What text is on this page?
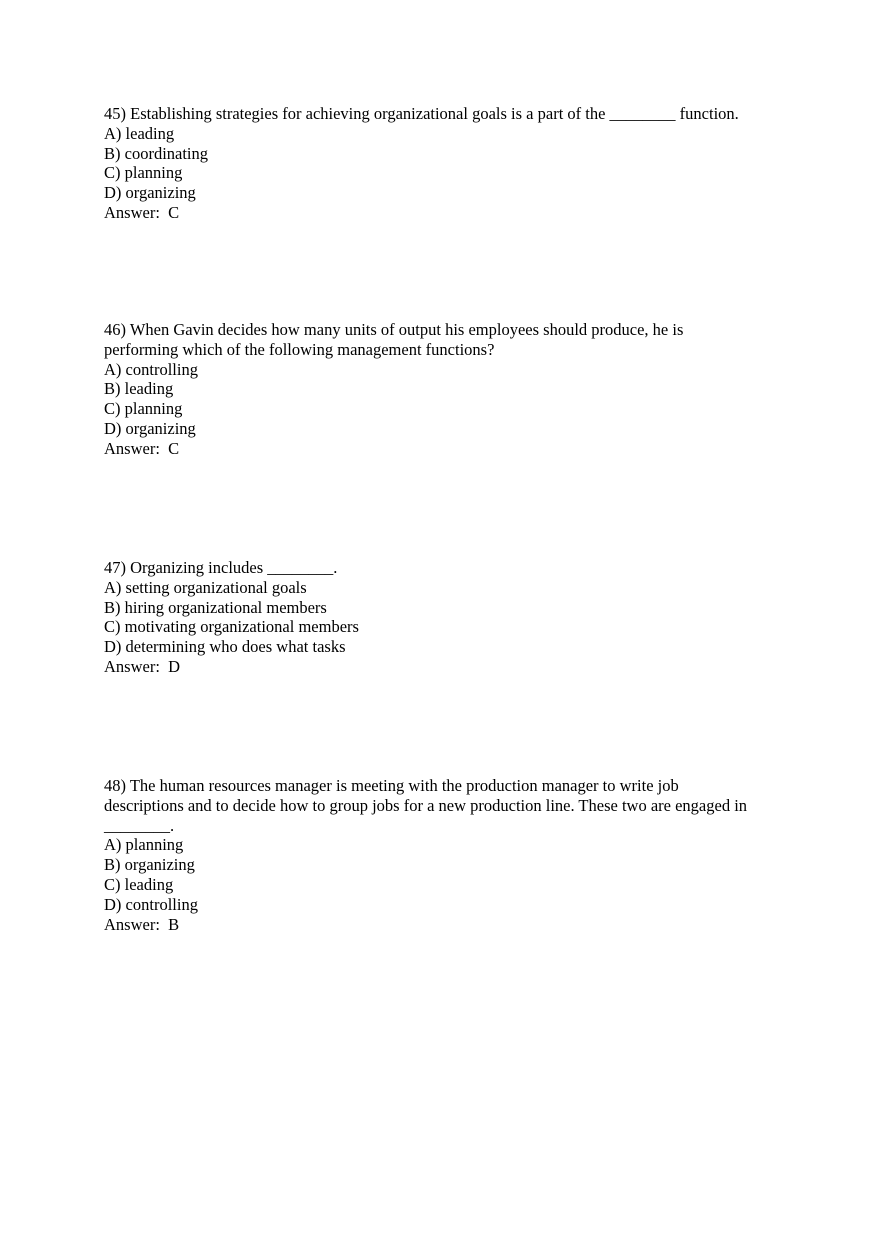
45) Establishing strategies for achieving organizational goals is a part of the ________ function.
A) leading
B) coordinating
C) planning
D) organizing
Answer:  C
46) When Gavin decides how many units of output his employees should produce, he is
performing which of the following management functions?
A) controlling
B) leading
C) planning
D) organizing
Answer:  C
47) Organizing includes ________.
A) setting organizational goals
B) hiring organizational members
C) motivating organizational members
D) determining who does what tasks
Answer:  D
48) The human resources manager is meeting with the production manager to write job
descriptions and to decide how to group jobs for a new production line. These two are engaged in
________.
A) planning
B) organizing
C) leading
D) controlling
Answer:  B
